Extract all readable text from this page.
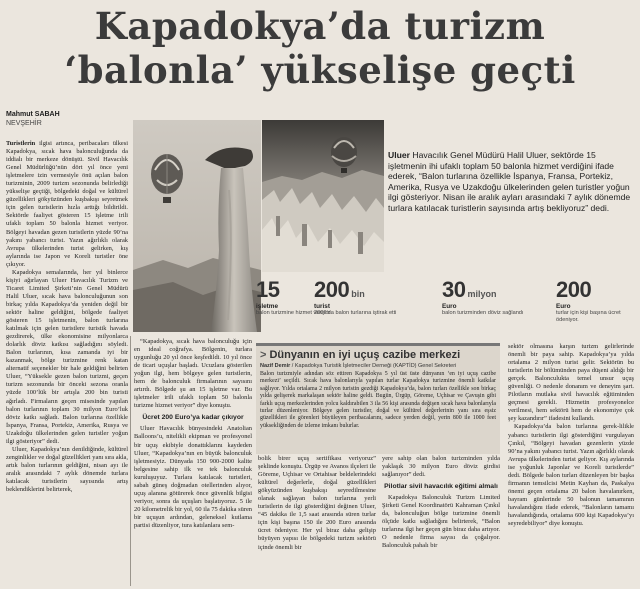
Kapadokya’da turizm
‘balonla’ yükselişe geçti
Mahmut SABAH
NEVŞEHİR
Uluer Havacılık Genel Müdürü Halil Uluer, sektörde 15 işletmenin ihi ufaklı toplam 50 balonla hizmet verdiğini ifade ederek, “Balon turlarına özellikle İspanya, Fransa, Portekiz, Amerika, Rusya ve Uzakdoğu ülkelerinden gelen turistler yoğun ilgi gösteriyor. Nisan ile aralık ayları arasındaki 7 aylık dönemde turlara katılacak turistlerin sayısında artış bekliyoruz” dedi.
15
işletme
balon turizmine hizmet veriyor
200 bin
turist
2009’da balon turlarına iştirak etti
30 milyon
Euro
balon turizminden döviz sağlandı
200
Euro
turlar için kişi başına ücret ödeniyor.

Turistlerin ilgisi artınca, peribacaları ülkesi Kapadokya, sıcak hava balonculuğunda da iddialı bir merkeze dönüştü. Sivil Havacılık Genel Müdürlüğü’nün dört yıl önce yeni işletmelere izin vermesiyle önü açılan balon turizminin, 2009 turizm sezonunda belirlediği yükselişe geçtiği, bölgedeki doğal ve kültürel güzellikleri gökyüzünden kuşbakışı seyretmek için gelen turistlerin hızla arttığı bildirildi. Sektörde faaliyet gösteren 15 işletme irili ufaklı toplam 50 balonla hizmet veriyor. Bölgeyi havadan gezen turistlerin yüzde 90’na yakını yabancı turist. Yazın ağırlıklı olarak Avrupa ülkelerinden turist gelirken, kış aylarında ise Japon ve Koreli turistler öne çıkıyor.

Kapadokya semalarında, her yıl binlerce kişiyi ağırlayan Uluer Havacılık Turizm ve Ticaret Limited Şirketi’nin Genel Müdürü Halil Uluer, sıcak hava balonculuğunun son birkaç yılda Kapadokya’da yeniden değil bir sektör haline geldiğini, bölgede faaliyet gösteren 15 işletmenin, balon turlarına katılmak için gelen turistlere turistik havada gezdirerek, ülke ekonomisine milyonlarca dolarlık döviz katkısı sağladığını söyledi. Balon turlarının, kısa zamanda iyi bir kazanmak, bölge turizmine renk katan alternatif seçenekler bir hale geldiğini belirten Uluer, “Yüksekle gezen balon turizmi, geçen turizm sezonunda bir önceki sezona oranla yüzde 100’lük bir artışla 200 bin turisti ağırladı. Firmaların geçen misesinde yapılan balon turlarının toplam 30 milyon Euro’luk döviz katkı sağladı. Balon turlarına özellikle İspanya, Fransa, Portekiz, Amerika, Rusya ve Uzakdoğu ülkelerinden gelen turistler yoğun ilgi gösteriyor” dedi.

Uluer, Kapadokya’nın denildiğinde, kültürel zenginlikler ve doğal güzellikleri yanı sıra akla, artık balon turlarının geldiğini, nisan ayı ile aralık arasındaki 7 aylık dönemde turlara katılacak turistlerin sayısında artış beklendiklerini belirterek,

“Kapadokya, sıcak hava balonculuğu için en ideal coğrafya. Bölgenin, turlara uygunluğu 20 yıl önce keşfedildi. 10 yıl önce de ticari uçuşlar başladı. Ucuzlara gösterilen yoğun ilgi, hem bölgeye gelen turistlerin, hem de balonculuk firmalarının sayısını artırdı. Bölgede şu an 15 işletme var. Bu işletmeler irili ufaklı toplam 50 balonla turizme hizmet veriyor” diye konuştu.

Ücret 200 Euro’ya kadar çıkıyor

Uluer Havacılık bünyesindeki Anatolian Balloons’u, nitelikli ekipman ve profesyonel bir uçuş ekibiyle donattıklarını kaydeden Uluer, “Kapadokya’nın en büyük balonculuk işletmesiyiz. Dünyada 150 900-2000 kalite belgesine sahip ilk ve tek balonculuk kuruluşuyuz. Turlara katılacak turistleri, sabah güneş doğmadan otellerinden alıyor, uçuş alanına götürerek önce güvenlik bilgisi veriyor, sonra da uçuşları başlatıyoruz. 5 ile 20 kilometrelik bir yol, 60 ila 75 dakika süren bir uçuşun ardından, geleneksel kutlama partisi düzenliyor, tura katılanlara sem-

> Dünyanın en iyi uçuş cazibe merkezi
Nazif Demir / Kapadokya Turistik İşletmeciler Derneği (KAPTİD) Genel Sekreteri
Balon turizmiyle adından söz ettiren Kapadokya 5 yıl üst üste dünyanın ‘en iyi uçuş cazibe merkezi’ seçildi. Sıcak hava balonlarıyla yapılan turlar Kapadokya turizmine önemli katkılar sağlıyor. Yılda ortalama 2 milyon turistin gezdiği Kapadokya’da, balon turları özellikle son birkaç yılda gelişerek markalaşan sektör haline geldi. Bugün, Ürgüp, Göreme, Uçhisar ve Çavuşin gibi farklı uçuş merkezlerinden yolcu kaldırabilen 3 ila 56 kişi arasında değişen sıcak hava balonlarıyla turlar düzenleniyor. Bölgeye gelen turistler, doğal ve kültürel değerlerinin yanı sıra eşsiz güzellikleri ile görenleri büyüleyen peribacalarını, sadece yerden değil, yerin 800 ile 1000 feet yüksekliğinden de izleme imkanı bulurlar.

bolik birer uçuş sertifikası veriyoruz” şeklinde konuştu. Ürgüp ve Avanos ilçeleri ile Göreme, Uçhisar ve Ortahisar beldelerindeki kültürel değerlerle, doğal güzellikleri gökyüzünden kuşbakışı seyredilmesine olanak sağlayan balon turlarına yerli turistlerin de ilgi gösterdiğini değinen Uluer, “45 dakika ile 1,5 saat arasında süren turlar için kişi başına 150 ile 200 Euro arasında ücret ödeniyor. Her yıl biraz daha gelişip büyüyen yapısı ile bölgedeki turizm sektörü içinde önemli bir

yere sahip olan balon turizminden yılda yaklaşık 30 milyon Euro döviz girdisi sağlanıyor” dedi.

Pilotlar sivil havacılık eğitimi almalı

Kapadokya Balonculuk Turizm Limited Şirketi Genel Koordinatörü Kahraman Çınkıl da, balonculuğun bölge turizmine önemli ölçüde katkı sağladığını belirterek, “Balon turlarına ilgi her geçen gün biraz daha artıyor. O nedenle firma sayısı da çoğalıyor. Balonculuk pahalı bir

sektör olmasına karşın turizm gelirlerinde önemli bir paya sahip. Kapadokya’ya yılda ortalama 2 milyon turist gelir. Sektörün bu turistlerin bir bölümünden paya düşeni aldığı bir gerçek. Balonculukta temel unsur uçuş güvenliği. O nedenle donanım ve deneyim şart. Pilotların mutlaka sivil havacılık eğitiminden geçmesi gerekli. Hizmetin profesyonelce verilmesi, hem sektörü hem de ekonomiye çok şey kazandırır” ifadesini kullandı.

Kapadokya’da balon turlarına gerek-lilikle yabancı turistlerin ilgi gösterdiğini vurgulayan Çınkıl, “Bölgeyi havadan gezenlerin yüzde 90’na yakını yabancı turist. Yazın ağırlıklı olarak Avrupa ülkelerinden turist geliyor. Kış aylarında ise yoğunluk Japonlar ve Koreli turistlerde” dedi. Bölgede balon turları düzenleyen bir başka firmanın temsilcisi Metin Kayhan da, Paskalya önemi geçen ortalama 20 balon havalanırken, bayram günlerinde 50 balonun tamamının havalandığını ifade ederek, “Balonların tamamı havalandığında, ortalama 600 kişi Kapadokya’yı seyredebiliyor” diye konuştu.
